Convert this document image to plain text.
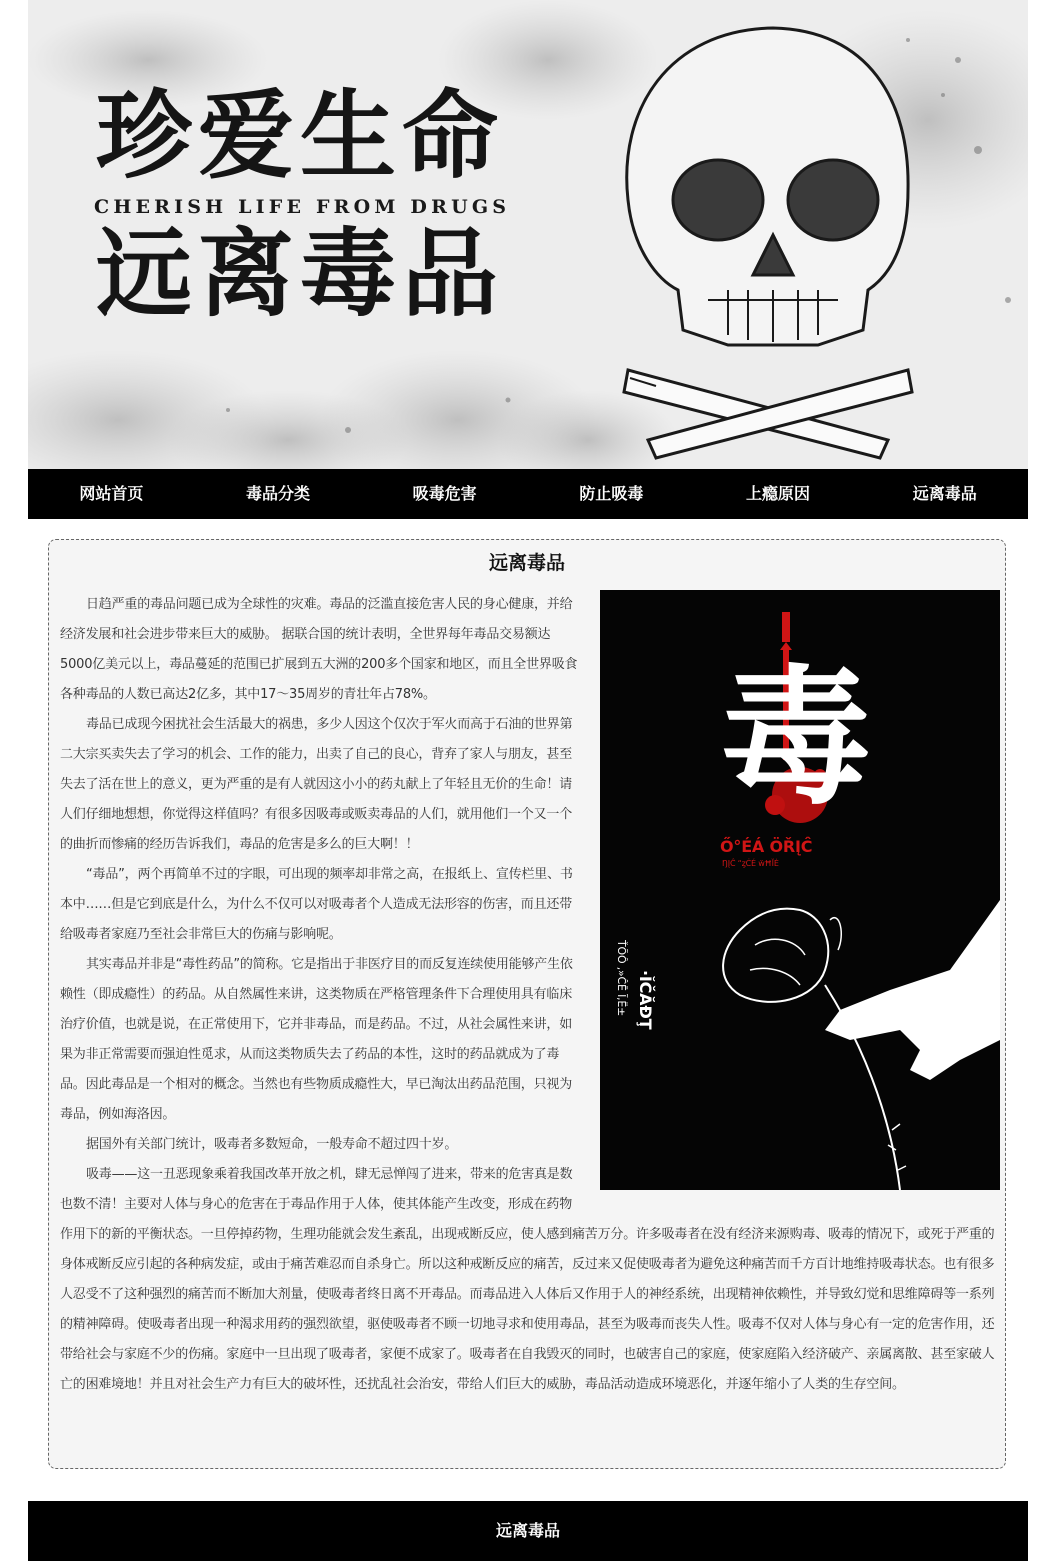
珍爱生命
CHERISH LIFE FROM DRUGS
远离毒品
网站首页	毒品分类	吸毒危害	防止吸毒	上瘾原因	远离毒品
远离毒品
毒
Ő°ÉÁ ÖŘĮĈ
ŊĮĈ “ȥĊÉ ẅĦĬĖ
·ĬČĂĐŢ
ŤÕÔ ,»ĈĒ Ĩ,Ë±

日趋严重的毒品问题已成为全球性的灾难。毒品的泛滥直接危害人民的身心健康，并给经济发展和社会进步带来巨大的威胁。 据联合国的统计表明，全世界每年毒品交易额达5000亿美元以上，毒品蔓延的范围已扩展到五大洲的200多个国家和地区，而且全世界吸食各种毒品的人数已高达2亿多，其中17～35周岁的青壮年占78%。

毒品已成现今困扰社会生活最大的祸患，多少人因这个仅次于军火而高于石油的世界第二大宗买卖失去了学习的机会、工作的能力，出卖了自己的良心，背弃了家人与朋友，甚至失去了活在世上的意义，更为严重的是有人就因这小小的药丸献上了年轻且无价的生命！请人们仔细地想想，你觉得这样值吗？有很多因吸毒或贩卖毒品的人们，就用他们一个又一个的曲折而惨痛的经历告诉我们，毒品的危害是多么的巨大啊！！

“毒品”，两个再简单不过的字眼，可出现的频率却非常之高，在报纸上、宣传栏里、书本中……但是它到底是什么，为什么不仅可以对吸毒者个人造成无法形容的伤害，而且还带给吸毒者家庭乃至社会非常巨大的伤痛与影响呢。

其实毒品并非是“毒性药品”的简称。它是指出于非医疗目的而反复连续使用能够产生依赖性（即成瘾性）的药品。从自然属性来讲，这类物质在严格管理条件下合理使用具有临床治疗价值，也就是说，在正常使用下，它并非毒品，而是药品。不过，从社会属性来讲，如果为非正常需要而强迫性觅求，从而这类物质失去了药品的本性，这时的药品就成为了毒品。因此毒品是一个相对的概念。当然也有些物质成瘾性大，早已淘汰出药品范围，只视为毒品，例如海洛因。

据国外有关部门统计，吸毒者多数短命，一般寿命不超过四十岁。

吸毒——这一丑恶现象乘着我国改革开放之机，肆无忌惮闯了进来，带来的危害真是数也数不清！主要对人体与身心的危害在于毒品作用于人体，使其体能产生改变，形成在药物作用下的新的平衡状态。一旦停掉药物，生理功能就会发生紊乱，出现戒断反应，使人感到痛苦万分。许多吸毒者在没有经济来源购毒、吸毒的情况下，或死于严重的身体戒断反应引起的各种病发症，或由于痛苦难忍而自杀身亡。所以这种戒断反应的痛苦，反过来又促使吸毒者为避免这种痛苦而千方百计地维持吸毒状态。也有很多人忍受不了这种强烈的痛苦而不断加大剂量，使吸毒者终日离不开毒品。而毒品进入人体后又作用于人的神经系统，出现精神依赖性，并导致幻觉和思维障碍等一系列的精神障碍。使吸毒者出现一种渴求用药的强烈欲望，驱使吸毒者不顾一切地寻求和使用毒品，甚至为吸毒而丧失人性。吸毒不仅对人体与身心有一定的危害作用，还带给社会与家庭不少的伤痛。家庭中一旦出现了吸毒者，家便不成家了。吸毒者在自我毁灭的同时，也破害自己的家庭，使家庭陷入经济破产、亲属离散、甚至家破人亡的困难境地！并且对社会生产力有巨大的破坏性，还扰乱社会治安，带给人们巨大的威胁，毒品活动造成环境恶化，并逐年缩小了人类的生存空间。

远离毒品
